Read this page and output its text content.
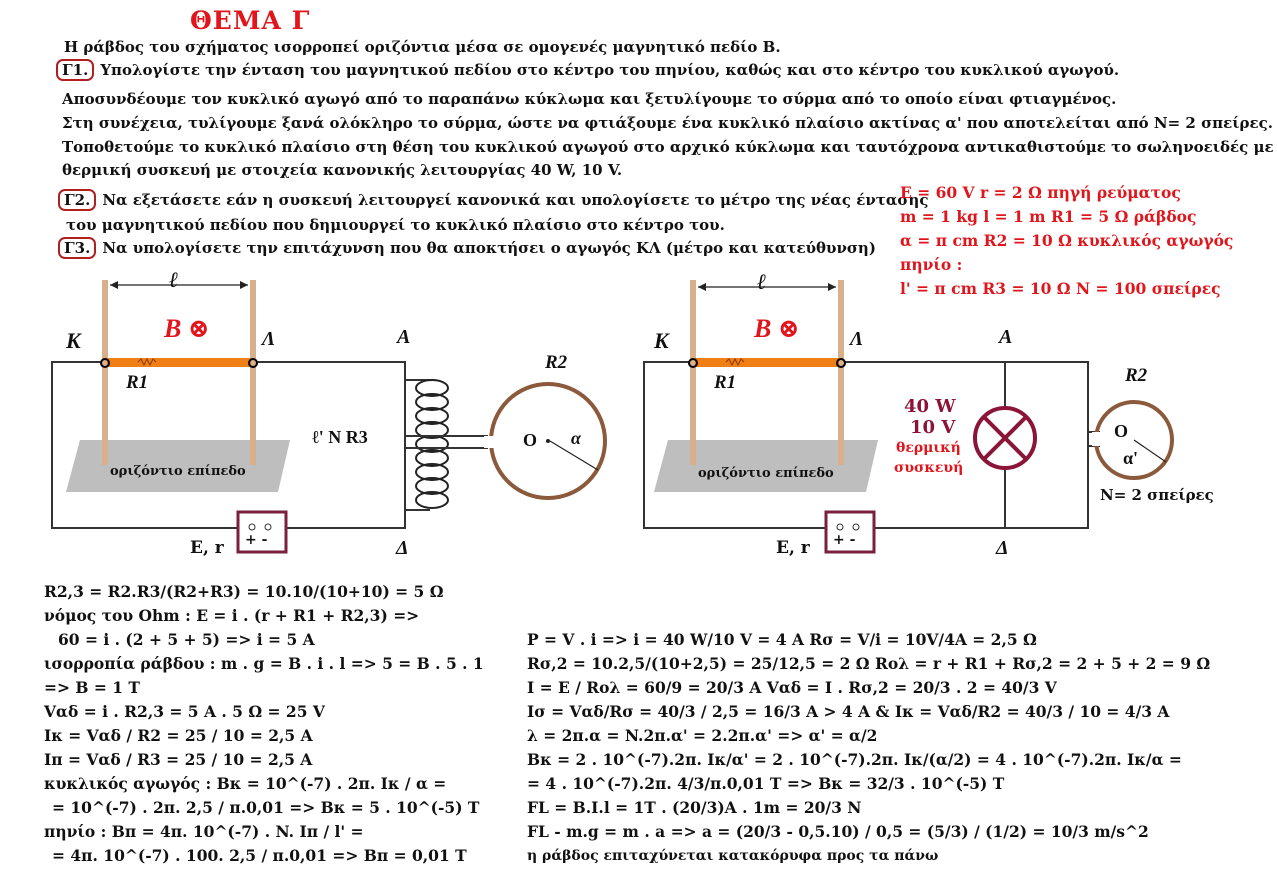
ΘΕΜΑ Γ
Η ράβδος του σχήματος ισορροπεί οριζόντια μέσα σε ομογενές μαγνητικό πεδίο Β.
Γ1. Υπολογίστε την ένταση του μαγνητικού πεδίου στο κέντρο του πηνίου, καθώς και στο κέντρο του κυκλικού αγωγού.
Αποσυνδέουμε τον κυκλικό αγωγό από το παραπάνω κύκλωμα και ξετυλίγουμε το σύρμα από το οποίο είναι φτιαγμένος.
Στη συνέχεια, τυλίγουμε ξανά ολόκληρο το σύρμα, ώστε να φτιάξουμε ένα κυκλικό πλαίσιο ακτίνας α' που αποτελείται από N= 2 σπείρες.
Τοποθετούμε το κυκλικό πλαίσιο στη θέση του κυκλικού αγωγού στο αρχικό κύκλωμα και ταυτόχρονα αντικαθιστούμε το σωληνοειδές με
θερμική συσκευή με στοιχεία κανονικής λειτουργίας 40 W, 10 V.
Γ2. Να εξετάσετε εάν η συσκευή λειτουργεί κανονικά και υπολογίσετε το μέτρο της νέας έντασης
του μαγνητικού πεδίου που δημιουργεί το κυκλικό πλαίσιο στο κέντρο του.
Γ3. Να υπολογίσετε την επιτάχυνση που θα αποκτήσει ο αγωγός ΚΛ (μέτρο και κατεύθυνση)
E = 60 V r = 2 Ω πηγή ρεύματος
m = 1 kg l = 1 m R1 = 5 Ω ράβδος
α = π cm R2 = 10 Ω κυκλικός αγωγός
πηνίο :
l' = π cm R3 = 10 Ω N = 100 σπείρες
K	Λ	A
Δ
R1
R2
B ⊗
ℓ
οριζόντιο επίπεδο
ℓ' N R3	O α
+ -
E, r
K	Λ	A
Δ
R1	R2
B ⊗
ℓ
οριζόντιο επίπεδο
40 W
10 V
θερμική
συσκευή
O
α'
N= 2 σπείρες
+ -
E, r
R2,3 = R2.R3/(R2+R3) = 10.10/(10+10) = 5 Ω
νόμος του Ohm : E = i . (r + R1 + R2,3) =>
60 = i . (2 + 5 + 5) => i = 5 A
ισορροπία ράβδου : m . g = B . i . l => 5 = B . 5 . 1
=> B = 1 T
Vαδ = i . R2,3 = 5 A . 5 Ω = 25 V
Iκ = Vαδ / R2 = 25 / 10 = 2,5 A
Iπ = Vαδ / R3 = 25 / 10 = 2,5 A
κυκλικός αγωγός : Bκ = 10^(-7) . 2π. Iκ / α =
= 10^(-7) . 2π. 2,5 / π.0,01 => Bκ = 5 . 10^(-5) T
πηνίο : Bπ = 4π. 10^(-7) . N. Iπ / l' =
= 4π. 10^(-7) . 100. 2,5 / π.0,01 => Bπ = 0,01 T
P = V . i => i = 40 W/10 V = 4 A Rσ = V/i = 10V/4A = 2,5 Ω
Rσ,2 = 10.2,5/(10+2,5) = 25/12,5 = 2 Ω Rολ = r + R1 + Rσ,2 = 2 + 5 + 2 = 9 Ω
I = E / Rολ = 60/9 = 20/3 A Vαδ = I . Rσ,2 = 20/3 . 2 = 40/3 V
Iσ = Vαδ/Rσ = 40/3 / 2,5 = 16/3 A > 4 A & Iκ = Vαδ/R2 = 40/3 / 10 = 4/3 A
λ = 2π.α = N.2π.α' = 2.2π.α' => α' = α/2
Bκ = 2 . 10^(-7).2π. Iκ/α' = 2 . 10^(-7).2π. Iκ/(α/2) = 4 . 10^(-7).2π. Iκ/α =
= 4 . 10^(-7).2π. 4/3/π.0,01 T => Bκ = 32/3 . 10^(-5) T
FL = B.I.l = 1T . (20/3)A . 1m = 20/3 N
FL - m.g = m . a => a = (20/3 - 0,5.10) / 0,5 = (5/3) / (1/2) = 10/3 m/s^2
η ράβδος επιταχύνεται κατακόρυφα προς τα πάνω
